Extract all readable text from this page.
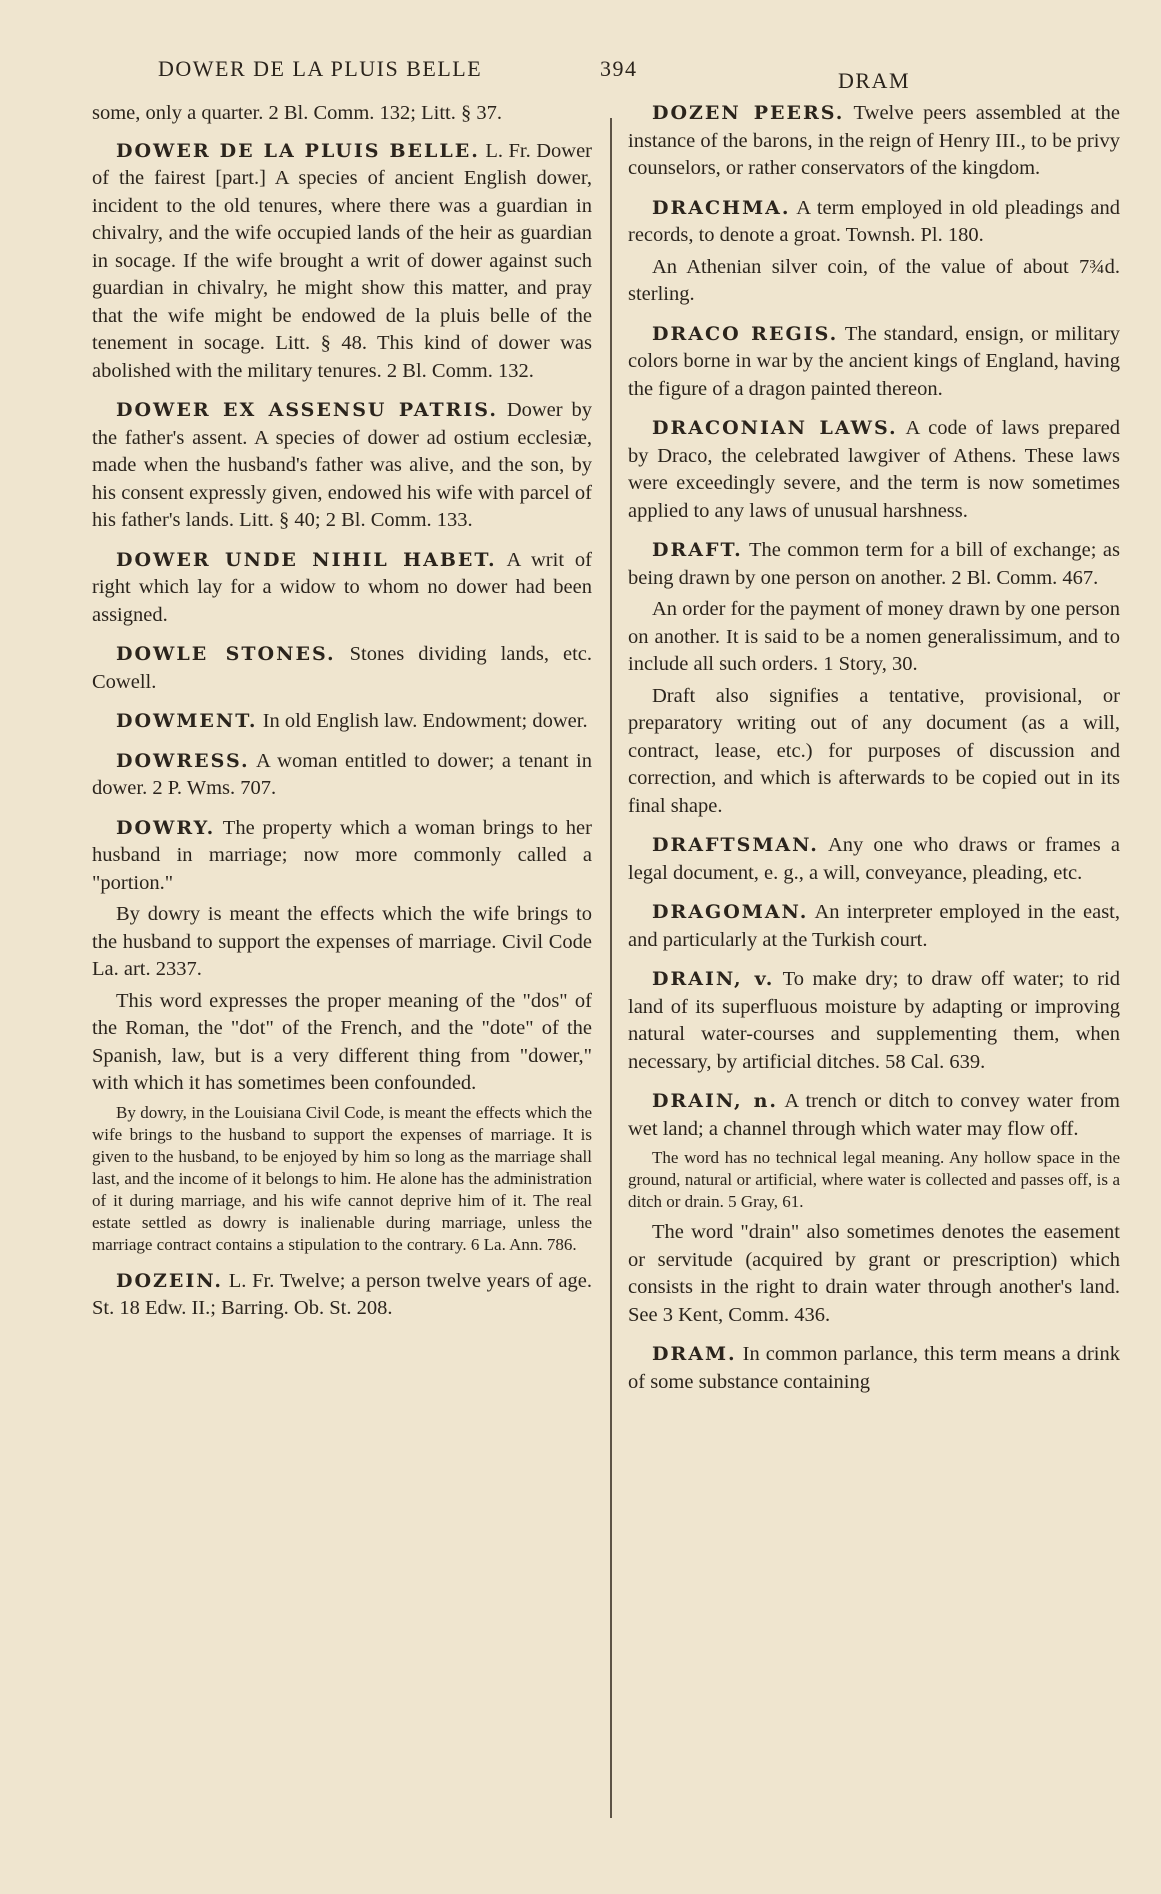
DOWER DE LA PLUIS BELLE	394	DRAM

some, only a quarter. 2 Bl. Comm. 132; Litt. § 37.

DOWER DE LA PLUIS BELLE. L. Fr. Dower of the fairest [part.] A species of ancient English dower, incident to the old tenures, where there was a guardian in chivalry, and the wife occupied lands of the heir as guardian in socage. If the wife brought a writ of dower against such guardian in chivalry, he might show this matter, and pray that the wife might be endowed de la pluis belle of the tenement in socage. Litt. § 48. This kind of dower was abolished with the military tenures. 2 Bl. Comm. 132.

DOWER EX ASSENSU PATRIS. Dower by the father's assent. A species of dower ad ostium ecclesiæ, made when the husband's father was alive, and the son, by his consent expressly given, endowed his wife with parcel of his father's lands. Litt. § 40; 2 Bl. Comm. 133.

DOWER UNDE NIHIL HABET. A writ of right which lay for a widow to whom no dower had been assigned.

DOWLE STONES. Stones dividing lands, etc. Cowell.

DOWMENT. In old English law. Endowment; dower.

DOWRESS. A woman entitled to dower; a tenant in dower. 2 P. Wms. 707.

DOWRY. The property which a woman brings to her husband in marriage; now more commonly called a "portion."

By dowry is meant the effects which the wife brings to the husband to support the expenses of marriage. Civil Code La. art. 2337.

This word expresses the proper meaning of the "dos" of the Roman, the "dot" of the French, and the "dote" of the Spanish, law, but is a very different thing from "dower," with which it has sometimes been confounded.

By dowry, in the Louisiana Civil Code, is meant the effects which the wife brings to the husband to support the expenses of marriage. It is given to the husband, to be enjoyed by him so long as the marriage shall last, and the income of it belongs to him. He alone has the administration of it during marriage, and his wife cannot deprive him of it. The real estate settled as dowry is inalienable during marriage, unless the marriage contract contains a stipulation to the contrary. 6 La. Ann. 786.

DOZEIN. L. Fr. Twelve; a person twelve years of age. St. 18 Edw. II.; Barring. Ob. St. 208.

DOZEN PEERS. Twelve peers assembled at the instance of the barons, in the reign of Henry III., to be privy counselors, or rather conservators of the kingdom.

DRACHMA. A term employed in old pleadings and records, to denote a groat. Townsh. Pl. 180.

An Athenian silver coin, of the value of about 7¾d. sterling.

DRACO REGIS. The standard, ensign, or military colors borne in war by the ancient kings of England, having the figure of a dragon painted thereon.

DRACONIAN LAWS. A code of laws prepared by Draco, the celebrated lawgiver of Athens. These laws were exceedingly severe, and the term is now sometimes applied to any laws of unusual harshness.

DRAFT. The common term for a bill of exchange; as being drawn by one person on another. 2 Bl. Comm. 467.

An order for the payment of money drawn by one person on another. It is said to be a nomen generalissimum, and to include all such orders. 1 Story, 30.

Draft also signifies a tentative, provisional, or preparatory writing out of any document (as a will, contract, lease, etc.) for purposes of discussion and correction, and which is afterwards to be copied out in its final shape.

DRAFTSMAN. Any one who draws or frames a legal document, e. g., a will, conveyance, pleading, etc.

DRAGOMAN. An interpreter employed in the east, and particularly at the Turkish court.

DRAIN, v. To make dry; to draw off water; to rid land of its superfluous moisture by adapting or improving natural water-courses and supplementing them, when necessary, by artificial ditches. 58 Cal. 639.

DRAIN, n. A trench or ditch to convey water from wet land; a channel through which water may flow off.

The word has no technical legal meaning. Any hollow space in the ground, natural or artificial, where water is collected and passes off, is a ditch or drain. 5 Gray, 61.

The word "drain" also sometimes denotes the easement or servitude (acquired by grant or prescription) which consists in the right to drain water through another's land. See 3 Kent, Comm. 436.

DRAM. In common parlance, this term means a drink of some substance containing
